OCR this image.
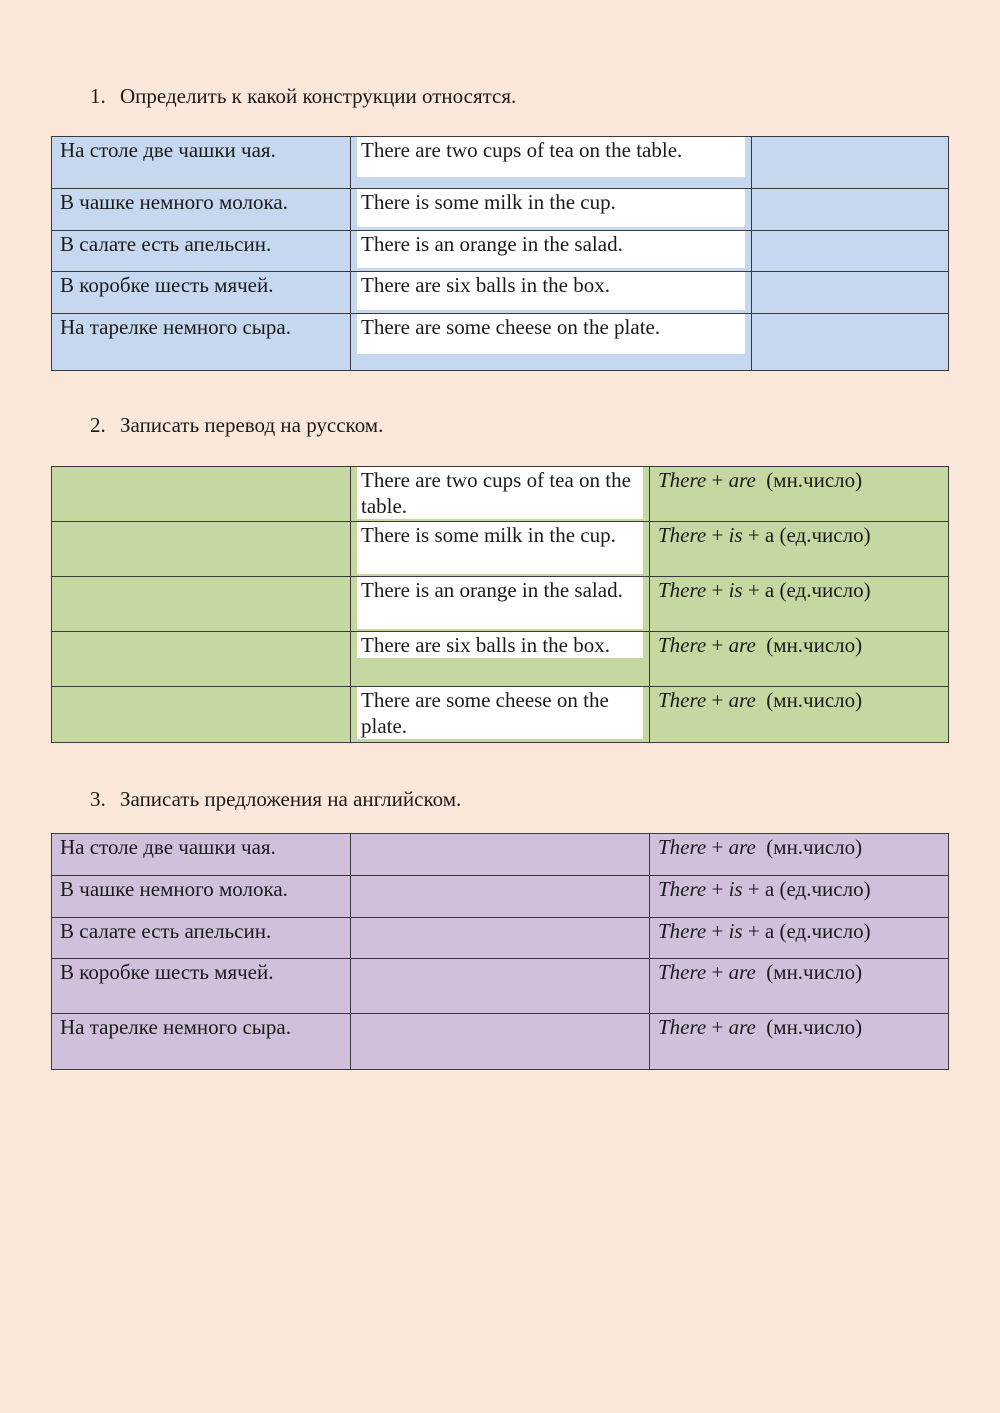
1. Определить к какой конструкции относятся.
На столе две чашки чая.	There are two cups of tea on the table.	

В чашке немного молока.	There is some milk in the cup.	

В салате есть апельсин.	There is an orange in the salad.	

В коробке шесть мячей.	There are six balls in the box.	

На тарелке немного сыра.	There are some cheese on the plate.	

2. Записать перевод на русском.

	There are two cups of tea on the table.	There + are (мн.число)

	There is some milk in the cup.	There + is + a (ед.число)

	There is an orange in the salad.	There + is + a (ед.число)

	There are six balls in the box.	There + are (мн.число)

	There are some cheese on the plate.	There + are (мн.число)
3. Записать предложения на английском.
На столе две чашки чая.		There + are (мн.число)
В чашке немного молока.		There + is + a (ед.число)
В салате есть апельсин.		There + is + a (ед.число)
В коробке шесть мячей.		There + are (мн.число)
На тарелке немного сыра.		There + are (мн.число)
